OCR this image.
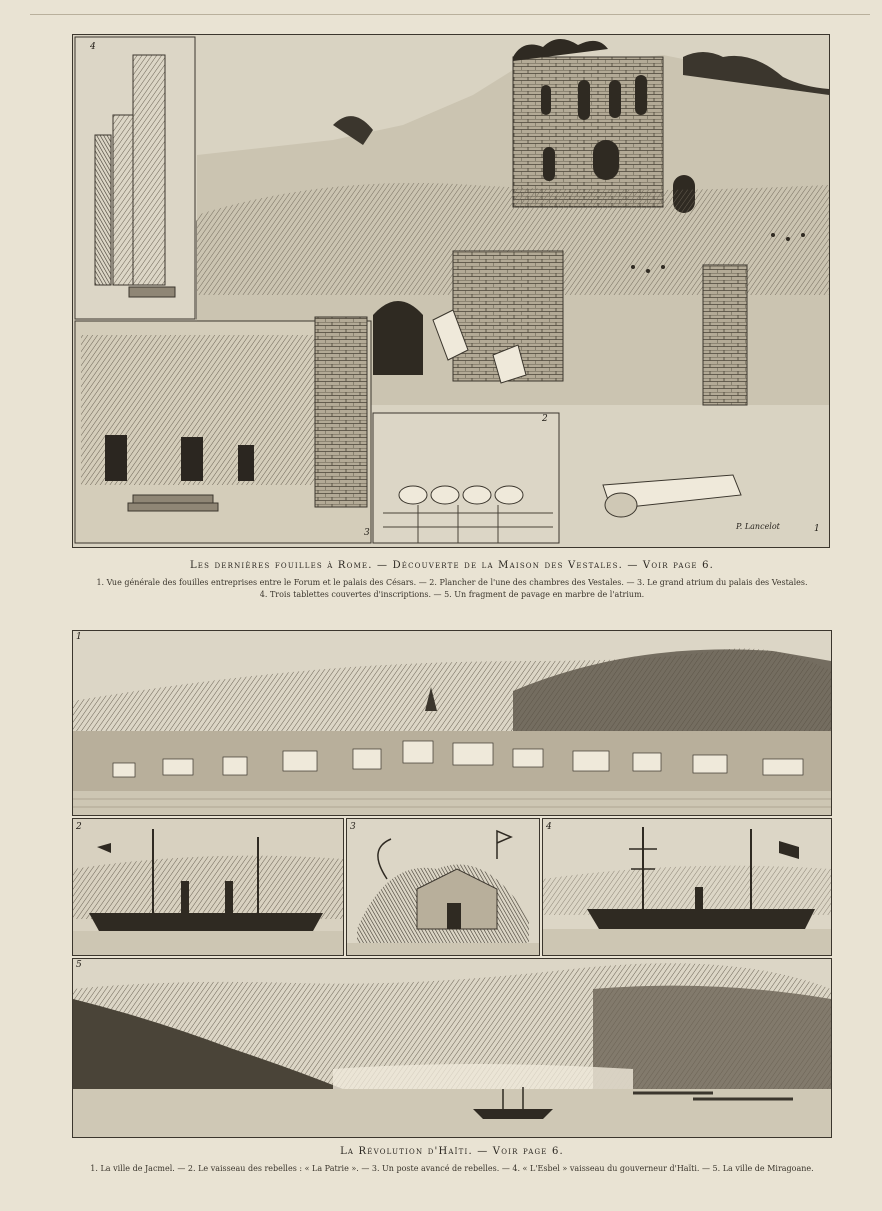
4
3
2
1
P. Lancelot
Les dernières fouilles à Rome. — Découverte de la Maison des Vestales. — Voir page 6.
1. Vue générale des fouilles entreprises entre le Forum et le palais des Césars. — 2. Plancher de l'une des chambres des Vestales. — 3. Le grand atrium du palais des Vestales.
4. Trois tablettes couvertes d'inscriptions. — 5. Un fragment de pavage en marbre de l'atrium.
1
2	3	4
5
La Révolution d'Haïti. — Voir page 6.
1. La ville de Jacmel. — 2. Le vaisseau des rebelles : « La Patrie ». — 3. Un poste avancé de rebelles. — 4. « L'Esbel » vaisseau du gouverneur d'Haïti. — 5. La ville de Miragoane.
